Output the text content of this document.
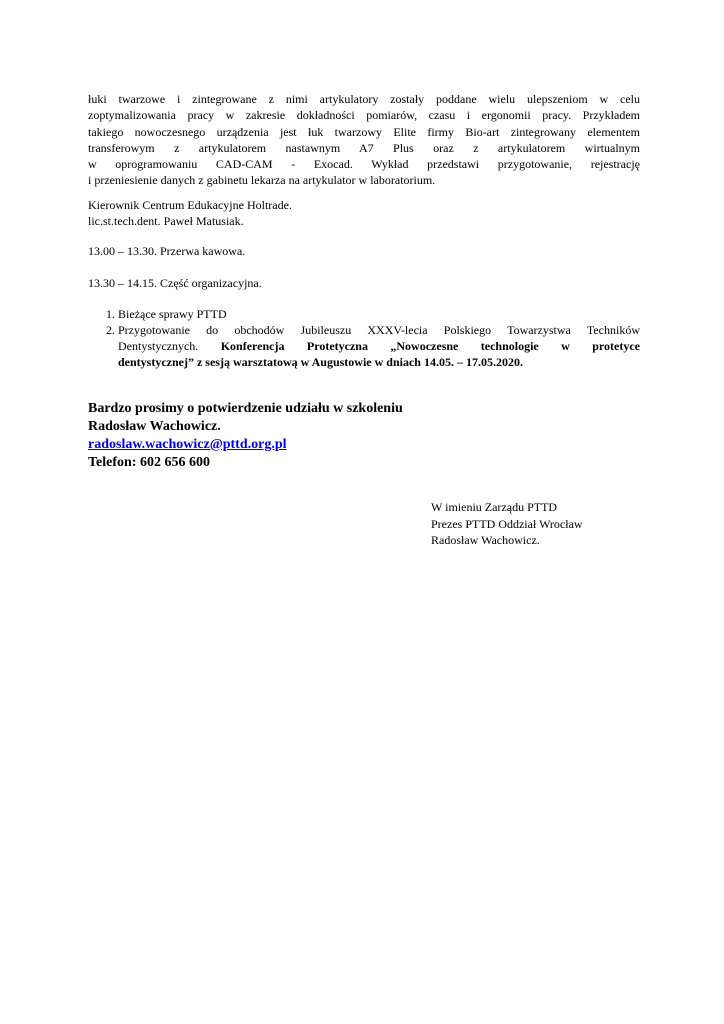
łuki twarzowe i zintegrowane z nimi artykulatory zostały poddane wielu ulepszeniom w celu
zoptymalizowania pracy w zakresie dokładności pomiarów, czasu i ergonomii pracy. Przykładem
takiego nowoczesnego urządzenia jest łuk twarzowy Elite firmy Bio-art zintegrowany elementem
transferowym z artykulatorem nastawnym A7 Plus oraz z artykulatorem wirtualnym
w oprogramowaniu CAD-CAM - Exocad. Wykład przedstawi przygotowanie, rejestrację
i przeniesienie danych z gabinetu lekarza na artykulator w laboratorium.
Kierownik Centrum Edukacyjne Holtrade.
lic.st.tech.dent. Paweł Matusiak.
13.00 – 13.30. Przerwa kawowa.
13.30 – 14.15. Część organizacyjna.
1. Bieżące sprawy PTTD
2. Przygotowanie do obchodów Jubileuszu XXXV-lecia Polskiego Towarzystwa Techników
Dentystycznych. Konferencja Protetyczna „Nowoczesne technologie w protetyce
dentystycznej” z sesją warsztatową w Augustowie w dniach 14.05. – 17.05.2020.
Bardzo prosimy o potwierdzenie udziału w szkoleniu
Radosław Wachowicz.
radoslaw.wachowicz@pttd.org.pl
Telefon: 602 656 600
W imieniu Zarządu PTTD
Prezes PTTD Oddział Wrocław
Radosław Wachowicz.
